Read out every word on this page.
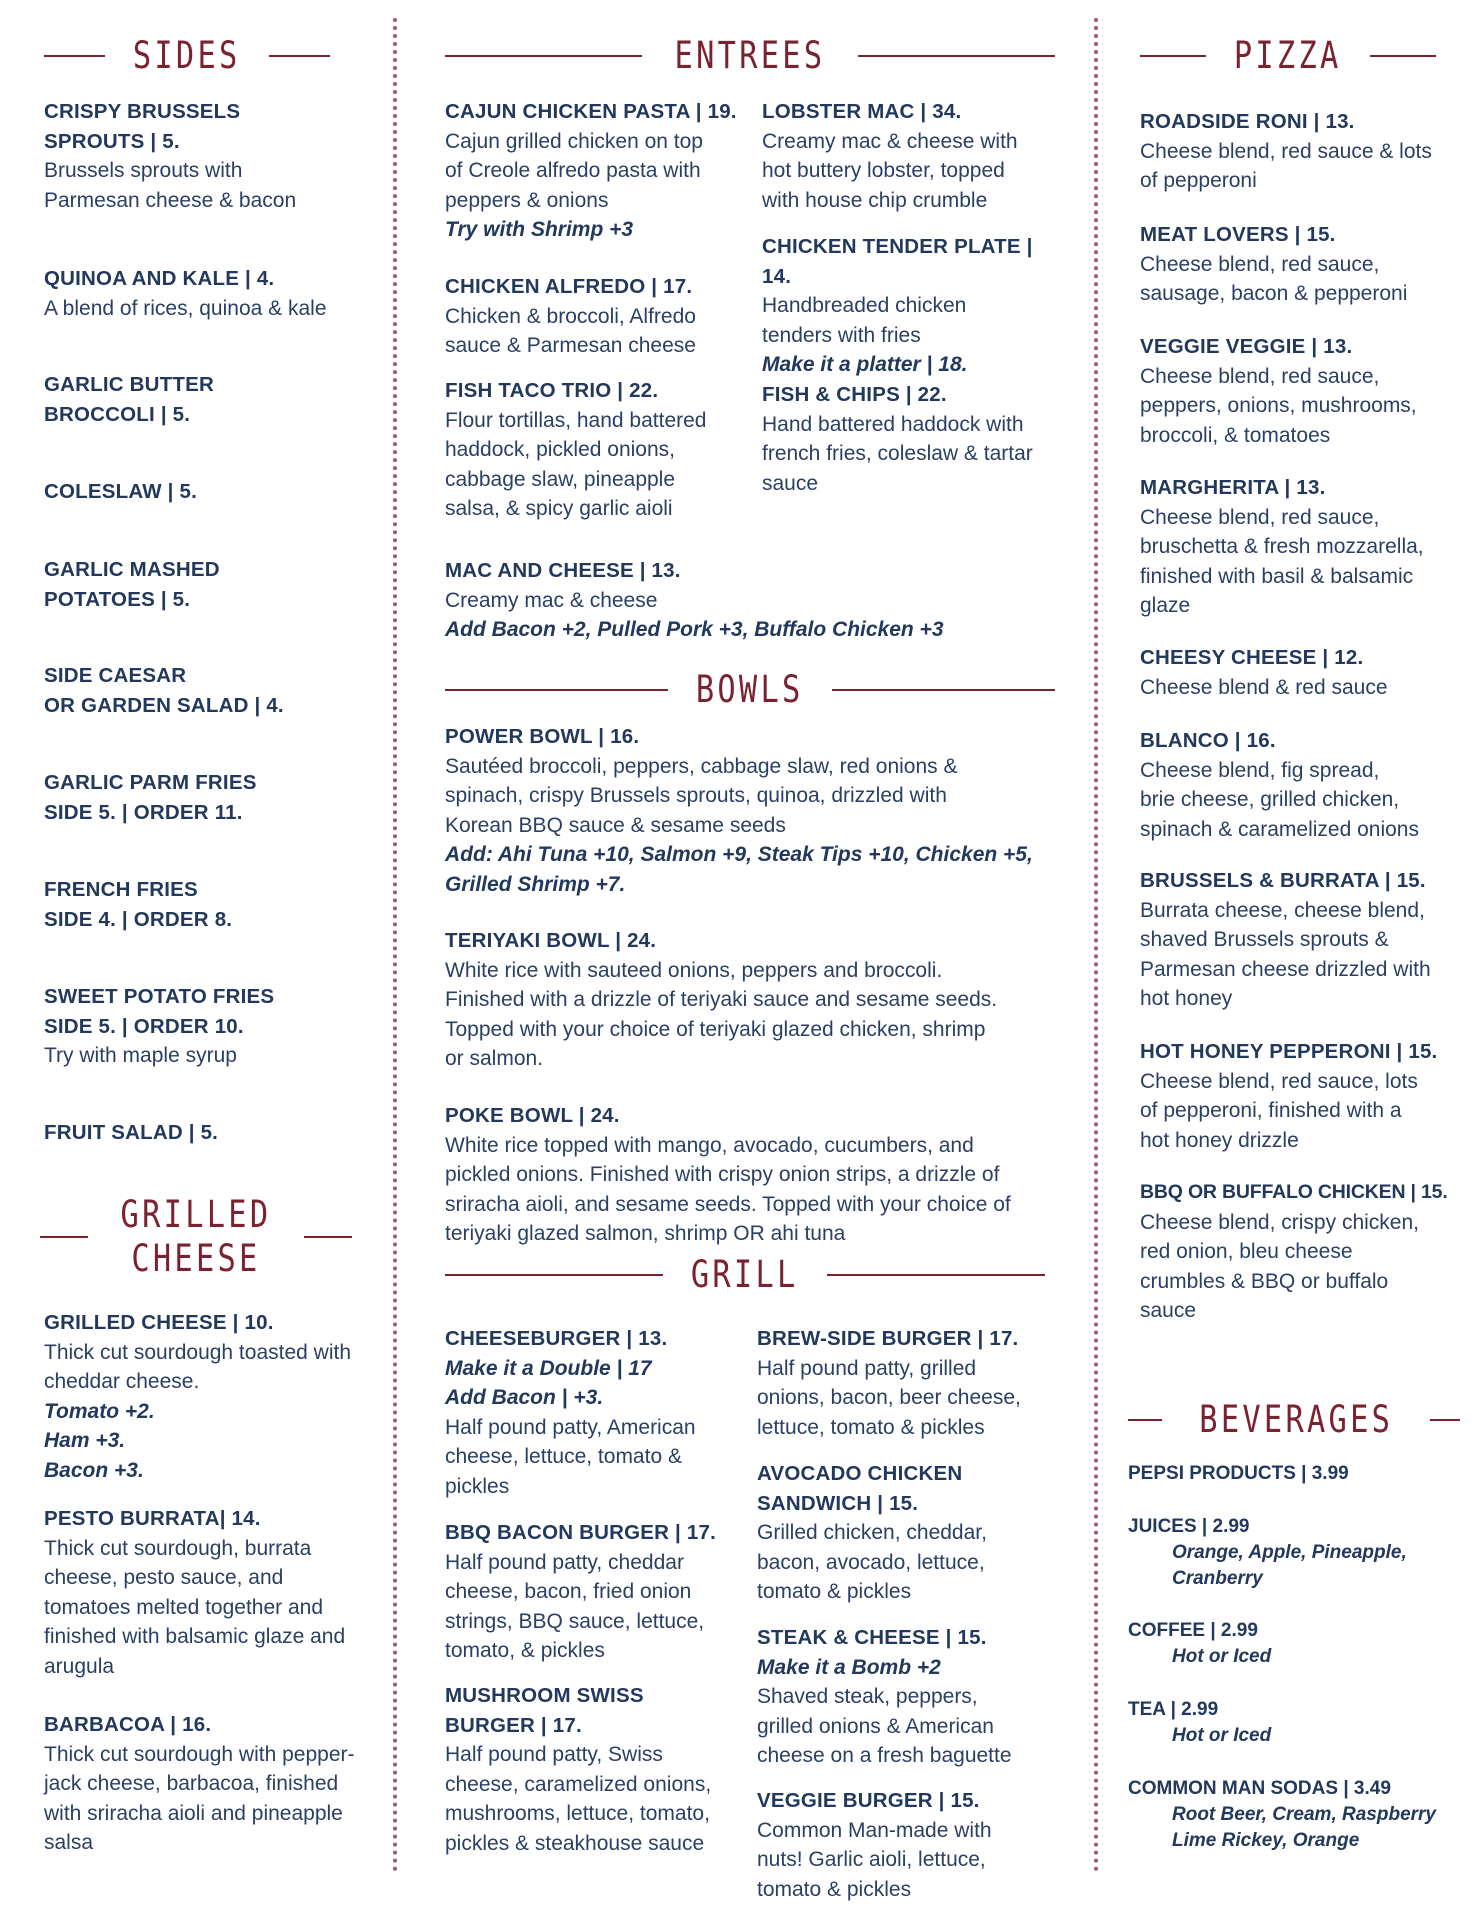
SIDES
CRISPY BRUSSELS
SPROUTS | 5.
Brussels sprouts with
Parmesan cheese & bacon
QUINOA AND KALE | 4.
A blend of rices, quinoa & kale
GARLIC BUTTER
BROCCOLI | 5.
COLESLAW | 5.
GARLIC MASHED
POTATOES | 5.
SIDE CAESAR
OR GARDEN SALAD | 4.
GARLIC PARM FRIES
SIDE 5. | ORDER 11.
FRENCH FRIES
SIDE 4. | ORDER 8.
SWEET POTATO FRIES
SIDE 5. | ORDER 10.
Try with maple syrup
FRUIT SALAD | 5.
GRILLED
CHEESE
GRILLED CHEESE | 10.
Thick cut sourdough toasted with
cheddar cheese.
Tomato +2.
Ham +3.
Bacon +3.
PESTO BURRATA| 14.
Thick cut sourdough, burrata
cheese, pesto sauce, and
tomatoes melted together and
finished with balsamic glaze and
arugula
BARBACOA | 16.
Thick cut sourdough with pepper-
jack cheese, barbacoa, finished
with sriracha aioli and pineapple
salsa
ENTREES
CAJUN CHICKEN PASTA | 19.
Cajun grilled chicken on top
of Creole alfredo pasta with
peppers & onions
Try with Shrimp +3
CHICKEN ALFREDO | 17.
Chicken & broccoli, Alfredo
sauce & Parmesan cheese
FISH TACO TRIO | 22.
Flour tortillas, hand battered
haddock, pickled onions,
cabbage slaw, pineapple
salsa, & spicy garlic aioli
LOBSTER MAC | 34.
Creamy mac & cheese with
hot buttery lobster, topped
with house chip crumble
CHICKEN TENDER PLATE | 14.
Handbreaded chicken
tenders with fries
Make it a platter | 18.
FISH & CHIPS | 22.
Hand battered haddock with
french fries, coleslaw & tartar
sauce
MAC AND CHEESE | 13.
Creamy mac & cheese
Add Bacon +2, Pulled Pork +3, Buffalo Chicken +3
BOWLS
POWER BOWL | 16.
Sautéed broccoli, peppers, cabbage slaw, red onions &
spinach, crispy Brussels sprouts, quinoa, drizzled with
Korean BBQ sauce & sesame seeds
Add: Ahi Tuna +10, Salmon +9, Steak Tips +10, Chicken +5,
Grilled Shrimp +7.
TERIYAKI BOWL | 24.
White rice with sauteed onions, peppers and broccoli.
Finished with a drizzle of teriyaki sauce and sesame seeds.
Topped with your choice of teriyaki glazed chicken, shrimp
or salmon.
POKE BOWL | 24.
White rice topped with mango, avocado, cucumbers, and
pickled onions. Finished with crispy onion strips, a drizzle of
sriracha aioli, and sesame seeds. Topped with your choice of
teriyaki glazed salmon, shrimp OR ahi tuna
GRILL
CHEESEBURGER | 13.
Make it a Double | 17
Add Bacon | +3.
Half pound patty, American
cheese, lettuce, tomato &
pickles
BBQ BACON BURGER | 17.
Half pound patty, cheddar
cheese, bacon, fried onion
strings, BBQ sauce, lettuce,
tomato, & pickles
MUSHROOM SWISS
BURGER | 17.
Half pound patty, Swiss
cheese, caramelized onions,
mushrooms, lettuce, tomato,
pickles & steakhouse sauce
BREW-SIDE BURGER | 17.
Half pound patty, grilled
onions, bacon, beer cheese,
lettuce, tomato & pickles
AVOCADO CHICKEN
SANDWICH | 15.
Grilled chicken, cheddar,
bacon, avocado, lettuce,
tomato & pickles
STEAK & CHEESE | 15.
Make it a Bomb +2
Shaved steak, peppers,
grilled onions & American
cheese on a fresh baguette
VEGGIE BURGER | 15.
Common Man-made with
nuts! Garlic aioli, lettuce,
tomato & pickles
PIZZA
ROADSIDE RONI | 13.
Cheese blend, red sauce & lots
of pepperoni
MEAT LOVERS | 15.
Cheese blend, red sauce,
sausage, bacon & pepperoni
VEGGIE VEGGIE | 13.
Cheese blend, red sauce,
peppers, onions, mushrooms,
broccoli, & tomatoes
MARGHERITA | 13.
Cheese blend, red sauce,
bruschetta & fresh mozzarella,
finished with basil & balsamic
glaze
CHEESY CHEESE | 12.
Cheese blend & red sauce
BLANCO | 16.
Cheese blend, fig spread,
brie cheese, grilled chicken,
spinach & caramelized onions
BRUSSELS & BURRATA | 15.
Burrata cheese, cheese blend,
shaved Brussels sprouts &
Parmesan cheese drizzled with
hot honey
HOT HONEY PEPPERONI | 15.
Cheese blend, red sauce, lots
of pepperoni, finished with a
hot honey drizzle
BBQ OR BUFFALO CHICKEN | 15.
Cheese blend, crispy chicken,
red onion, bleu cheese
crumbles & BBQ or buffalo
sauce
BEVERAGES
PEPSI PRODUCTS | 3.99
JUICES | 2.99
Orange, Apple, Pineapple,
Cranberry
COFFEE | 2.99
Hot or Iced
TEA | 2.99
Hot or Iced
COMMON MAN SODAS | 3.49
Root Beer, Cream, Raspberry
Lime Rickey, Orange
